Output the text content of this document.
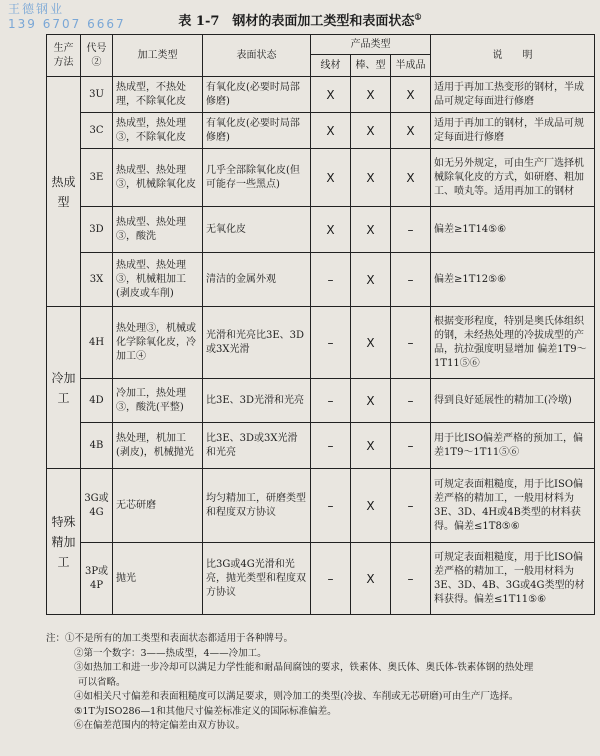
王德钢业
139 6707 6667	表 1-7　钢材的表面加工类型和表面状态①
生产方法	代号②	加工类型	表面状态	产品类型			说　　明
				线材	棒、型	半成品	
热成型	3U	热成型，不热处理，不除氧化皮	有氧化皮(必要时局部修磨)	X	X	X	适用于再加工热变形的钢材，半成品可规定每面进行修磨
	3C	热成型，热处理③，不除氧化皮	有氧化皮(必要时局部修磨)	X	X	X	适用于再加工的钢材，半成品可规定每面进行修磨
	3E	热成型、热处理③，机械除氧化皮	几乎全部除氧化皮(但可能存一些黑点)	X	X	X	如无另外规定，可由生产厂选择机械除氧化皮的方式，如研磨、粗加工、喷丸等。适用再加工的钢材
	3D	热成型、热处理③，酸洗	无氧化皮	X	X	–	偏差≥1T14⑤⑥
	3X	热成型、热处理③，机械粗加工(剥皮或车削)	清洁的金属外观	–	X	–	偏差≥1T12⑤⑥
冷加工	4H	热处理③，机械或化学除氧化皮，冷加工④	光滑和光亮比3E、3D或3X光滑	–	X	–	根据变形程度，特别是奥氏体组织的钢，未经热处理的冷拔成型的产品，抗拉强度明显增加 偏差1T9～1T11⑤⑥
	4D	冷加工，热处理③，酸洗(平整)	比3E、3D光滑和光亮	–	X	–	得到良好延展性的精加工(冷墩)
	4B	热处理，机加工(剥皮)，机械抛光	比3E、3D或3X光滑和光亮	–	X	–	用于比ISO偏差严格的预加工，偏差1T9～1T11⑤⑥
特殊精加工	3G或4G	无芯研磨	均匀精加工，研磨类型和程度双方协议	–	X	–	可规定表面粗糙度，用于比ISO偏差严格的精加工，一般用材料为3E、3D、4H或4B类型的材料获得。偏差≤1T8⑤⑥
	3P或4P	抛光	比3G或4G光滑和光亮，抛光类型和程度双方协议	–	X	–	可规定表面粗糙度，用于比ISO偏差严格的精加工，一般用材料为3E、3D、4B、3G或4G类型的材料获得。偏差≤1T11⑤⑥
注：①不是所有的加工类型和表面状态都适用于各种牌号。
②第一个数字：3——热成型，4——冷加工。
③如热加工和进一步冷却可以满足力学性能和耐晶间腐蚀的要求，铁素体、奥氏体、奥氏体-铁素体钢的热处理
可以省略。
④如相关尺寸偏差和表面粗糙度可以满足要求，则冷加工的类型(冷拔、车削或无芯研磨)可由生产厂选择。
⑤1T为ISO286—1和其他尺寸偏差标准定义的国际标准偏差。
⑥在偏差范围内的特定偏差由双方协议。
